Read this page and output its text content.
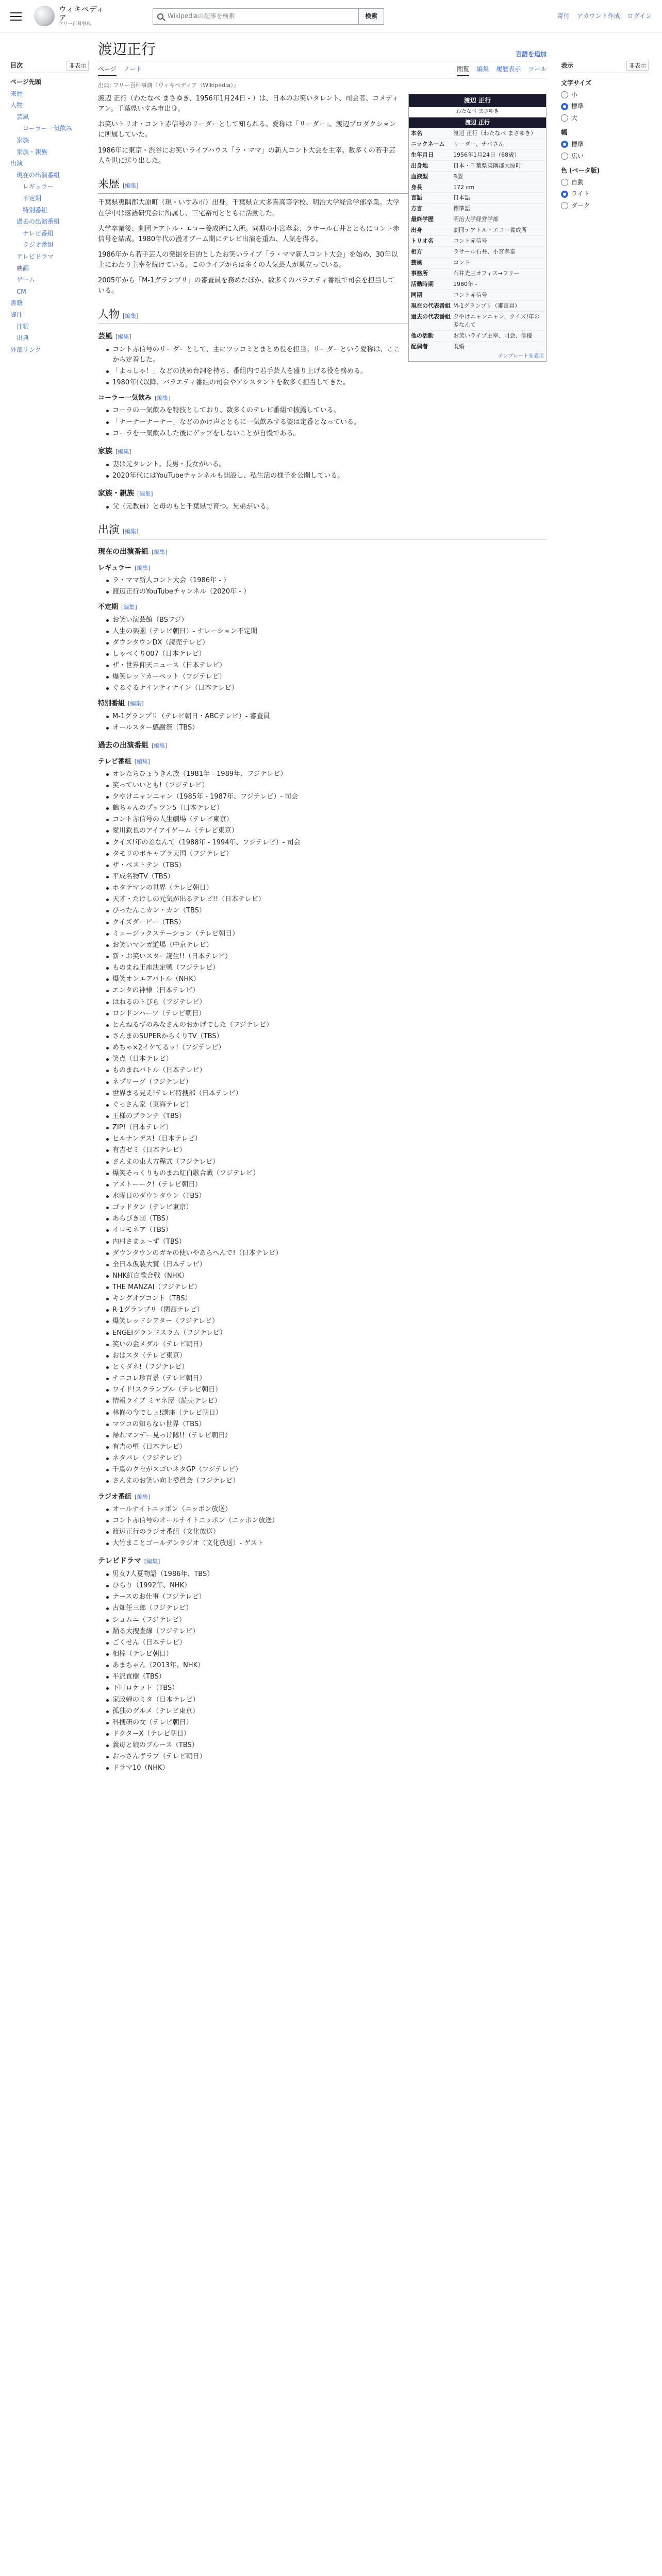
ウィキペディア
フリー百科事典
Wikipediaの記事を検索	検索	寄付 アカウント作成 ログイン
目次	非表示
ページ先頭
来歴
人物
芸風
コーラー一気飲み
家族
家族・親族
出演
現在の出演番組
レギュラー
不定期
特別番組
過去の出演番組
テレビ番組
ラジオ番組
テレビドラマ
映画
ゲーム
CM
書籍
脚注
注釈
出典
外部リンク
渡辺正行	言語を追加
ページ ノート	閲覧 編集 履歴表示 ツール
出典: フリー百科事典『ウィキペディア（Wikipedia）』
渡辺 正行
わたなべ まさゆき
渡辺 正行
本名	渡辺 正行（わたなべ まさゆき）
ニックネーム	リーダー、ナベさん
生年月日	1956年1月24日（68歳）
出身地	日本・千葉県夷隅郡大原町
血液型	B型
身長	172 cm
言語	日本語
方言	標準語
最終学歴	明治大学経営学部
出身	劇団テアトル・エコー養成所
トリオ名	コント赤信号
相方	ラサール石井、小宮孝泰
芸風	コント
事務所	石井光三オフィス→フリー
活動時期	1980年 -
同期	コント赤信号
現在の代表番組 M-1グランプリ（審査員）
過去の代表番組 夕やけニャンニャン、クイズ!年の差なんて
他の活動	お笑いライブ主宰、司会、俳優
配偶者	既婚
テンプレートを表示

渡辺 正行（わたなべ まさゆき、1956年1月24日 - ）は、日本のお笑いタレント、司会者、コメディアン。千葉県いすみ市出身。

お笑いトリオ・コント赤信号のリーダーとして知られる。愛称は「リーダー」。渡辺プロダクションに所属していた。

1986年に東京・渋谷にお笑いライブハウス「ラ・ママ」の新人コント大会を主宰。数多くの若手芸人を世に送り出した。

来歴 [編集]

千葉県夷隅郡大原町（現・いすみ市）出身。千葉県立大多喜高等学校、明治大学経営学部卒業。大学在学中は落語研究会に所属し、三宅裕司とともに活動した。

大学卒業後、劇団テアトル・エコー養成所に入所。同期の小宮孝泰、ラサール石井とともにコント赤信号を結成。1980年代の漫才ブーム期にテレビ出演を重ね、人気を得る。

1986年から若手芸人の発掘を目的としたお笑いライブ「ラ・ママ新人コント大会」を始め、30年以上にわたり主宰を続けている。このライブからは多くの人気芸人が巣立っている。

2005年から「M-1グランプリ」の審査員を務めたほか、数多くのバラエティ番組で司会を担当している。

人物 [編集]
芸風 [編集]
コント赤信号のリーダーとして、主にツッコミとまとめ役を担当。リーダーという愛称は、ここから定着した。
「よっしゃ！」などの決め台詞を持ち、番組内で若手芸人を盛り上げる役を務める。
1980年代以降、バラエティ番組の司会やアシスタントを数多く担当してきた。
コーラー一気飲み [編集]
コーラの一気飲みを特技としており、数多くのテレビ番組で披露している。
「ナーナーナーナー」などのかけ声とともに一気飲みする姿は定番となっている。
コーラを一気飲みした後にゲップをしないことが自慢である。
家族 [編集]
妻は元タレント。長男・長女がいる。
2020年代にはYouTubeチャンネルも開設し、私生活の様子を公開している。
家族・親族 [編集]
父（元教員）と母のもと千葉県で育つ。兄弟がいる。
出演 [編集]
現在の出演番組 [編集]
レギュラー [編集]
ラ・ママ新人コント大会（1986年 - ）
渡辺正行のYouTubeチャンネル（2020年 - ）
不定期 [編集]
お笑い演芸館（BSフジ）
人生の楽園（テレビ朝日）- ナレーション不定期
ダウンタウンDX（読売テレビ）
しゃべくり007（日本テレビ）
ザ・世界仰天ニュース（日本テレビ）
爆笑レッドカーペット（フジテレビ）
ぐるぐるナインティナイン（日本テレビ）
特別番組 [編集]
M-1グランプリ（テレビ朝日・ABCテレビ）- 審査員
オールスター感謝祭（TBS）
過去の出演番組 [編集]
テレビ番組 [編集]
オレたちひょうきん族（1981年 - 1989年、フジテレビ）
笑っていいとも!（フジテレビ）
夕やけニャンニャン（1985年 - 1987年、フジテレビ）- 司会
鶴ちゃんのプッツン5（日本テレビ）
コント赤信号の人生劇場（テレビ東京）
愛川欽也のアイアイゲーム（テレビ東京）
クイズ!年の差なんて（1988年 - 1994年、フジテレビ）- 司会
タモリのボキャブラ天国（フジテレビ）
ザ・ベストテン（TBS）
平成名物TV（TBS）
ホタテマンの世界（テレビ朝日）
天才・たけしの元気が出るテレビ!!（日本テレビ）
ぴったんこカン・カン（TBS）
クイズダービー（TBS）
ミュージックステーション（テレビ朝日）
お笑いマンガ道場（中京テレビ）
新・お笑いスター誕生!!（日本テレビ）
ものまね王座決定戦（フジテレビ）
爆笑オンエアバトル（NHK）
エンタの神様（日本テレビ）
はねるのトびら（フジテレビ）
ロンドンハーツ（テレビ朝日）
とんねるずのみなさんのおかげでした（フジテレビ）
さんまのSUPERからくりTV（TBS）
めちゃ×2イケてるッ!（フジテレビ）
笑点（日本テレビ）
ものまねバトル（日本テレビ）
ネプリーグ（フジテレビ）
世界まる見え!テレビ特捜部（日本テレビ）
ぐっさん家（東海テレビ）
王様のブランチ（TBS）
ZIP!（日本テレビ）
ヒルナンデス!（日本テレビ）
有吉ゼミ（日本テレビ）
さんまの東大方程式（フジテレビ）
爆笑そっくりものまね紅白歌合戦（フジテレビ）
アメトーーク!（テレビ朝日）
水曜日のダウンタウン（TBS）
ゴッドタン（テレビ東京）
あらびき団（TBS）
イロモネア（TBS）
内村さまぁ〜ず（TBS）
ダウンタウンのガキの使いやあらへんで!（日本テレビ）
全日本仮装大賞（日本テレビ）
NHK紅白歌合戦（NHK）
THE MANZAI（フジテレビ）
キングオブコント（TBS）
R-1グランプリ（関西テレビ）
爆笑レッドシアター（フジテレビ）
ENGEIグランドスラム（フジテレビ）
笑いの金メダル（テレビ朝日）
おはスタ（テレビ東京）
とくダネ!（フジテレビ）
ナニコレ珍百景（テレビ朝日）
ワイド!スクランブル（テレビ朝日）
情報ライブ ミヤネ屋（読売テレビ）
林修の今でしょ!講座（テレビ朝日）
マツコの知らない世界（TBS）
帰れマンデー見っけ隊!!（テレビ朝日）
有吉の壁（日本テレビ）
ネタパレ（フジテレビ）
千鳥のクセがスゴいネタGP（フジテレビ）
さんまのお笑い向上委員会（フジテレビ）
ラジオ番組 [編集]
オールナイトニッポン（ニッポン放送）
コント赤信号のオールナイトニッポン（ニッポン放送）
渡辺正行のラジオ番組（文化放送）
大竹まことゴールデンラジオ（文化放送）- ゲスト
テレビドラマ [編集]
男女7人夏物語（1986年、TBS）
ひらり（1992年、NHK）
ナースのお仕事（フジテレビ）
古畑任三郎（フジテレビ）
ショムニ（フジテレビ）
踊る大捜査線（フジテレビ）
ごくせん（日本テレビ）
相棒（テレビ朝日）
あまちゃん（2013年、NHK）
半沢直樹（TBS）
下町ロケット（TBS）
家政婦のミタ（日本テレビ）
孤独のグルメ（テレビ東京）
科捜研の女（テレビ朝日）
ドクターX（テレビ朝日）
義母と娘のブルース（TBS）
おっさんずラブ（テレビ朝日）
ドラマ10（NHK）
表示	非表示
文字サイズ
小
標準
大
幅
標準
広い
色 (ベータ版)
自動
ライト
ダーク
